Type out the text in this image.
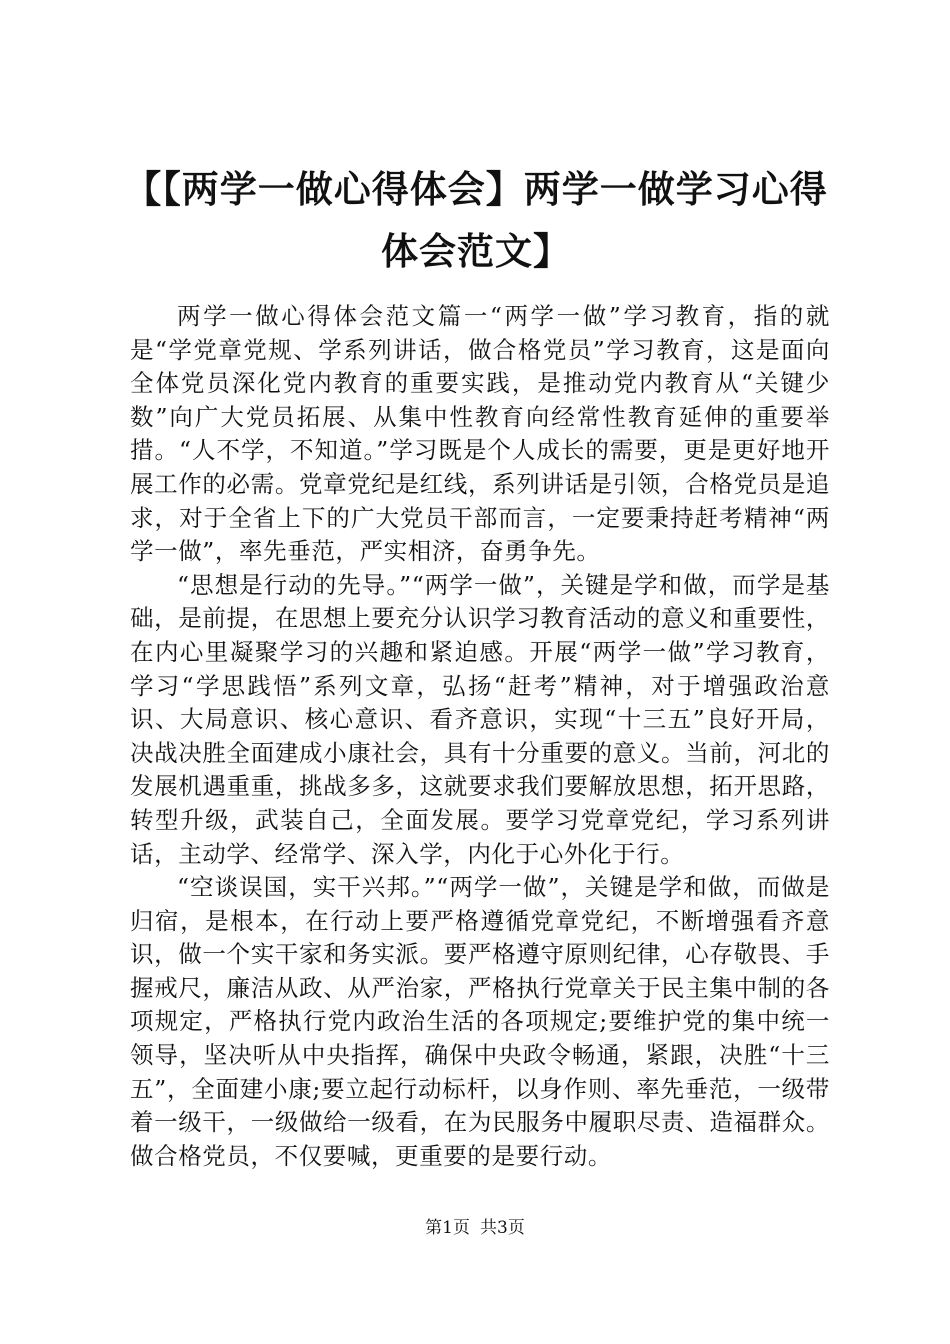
【【两学一做心得体会】两学一做学习心得体会范文】

两学一做心得体会范文篇一“两学一做”学习教育，指的就是“学党章党规、学系列讲话，做合格党员”学习教育，这是面向全体党员深化党内教育的重要实践，是推动党内教育从“关键少数”向广大党员拓展、从集中性教育向经常性教育延伸的重要举措。“人不学，不知道。”学习既是个人成长的需要，更是更好地开展工作的必需。党章党纪是红线，系列讲话是引领，合格党员是追求，对于全省上下的广大党员干部而言，一定要秉持赶考精神“两学一做”，率先垂范，严实相济，奋勇争先。

“思想是行动的先导。”“两学一做”，关键是学和做，而学是基础，是前提，在思想上要充分认识学习教育活动的意义和重要性，在内心里凝聚学习的兴趣和紧迫感。开展“两学一做”学习教育，学习“学思践悟”系列文章，弘扬“赶考”精神，对于增强政治意识、大局意识、核心意识、看齐意识，实现“十三五”良好开局，决战决胜全面建成小康社会，具有十分重要的意义。当前，河北的发展机遇重重，挑战多多，这就要求我们要解放思想，拓开思路，转型升级，武装自己，全面发展。要学习党章党纪，学习系列讲话，主动学、经常学、深入学，内化于心外化于行。

“空谈误国，实干兴邦。”“两学一做”，关键是学和做，而做是归宿，是根本，在行动上要严格遵循党章党纪，不断增强看齐意识，做一个实干家和务实派。要严格遵守原则纪律，心存敬畏、手握戒尺，廉洁从政、从严治家，严格执行党章关于民主集中制的各项规定，严格执行党内政治生活的各项规定;要维护党的集中统一领导，坚决听从中央指挥，确保中央政令畅通，紧跟，决胜“十三五”，全面建小康;要立起行动标杆，以身作则、率先垂范，一级带着一级干，一级做给一级看，在为民服务中履职尽责、造福群众。做合格党员，不仅要喊，更重要的是要行动。

第1页 共3页
